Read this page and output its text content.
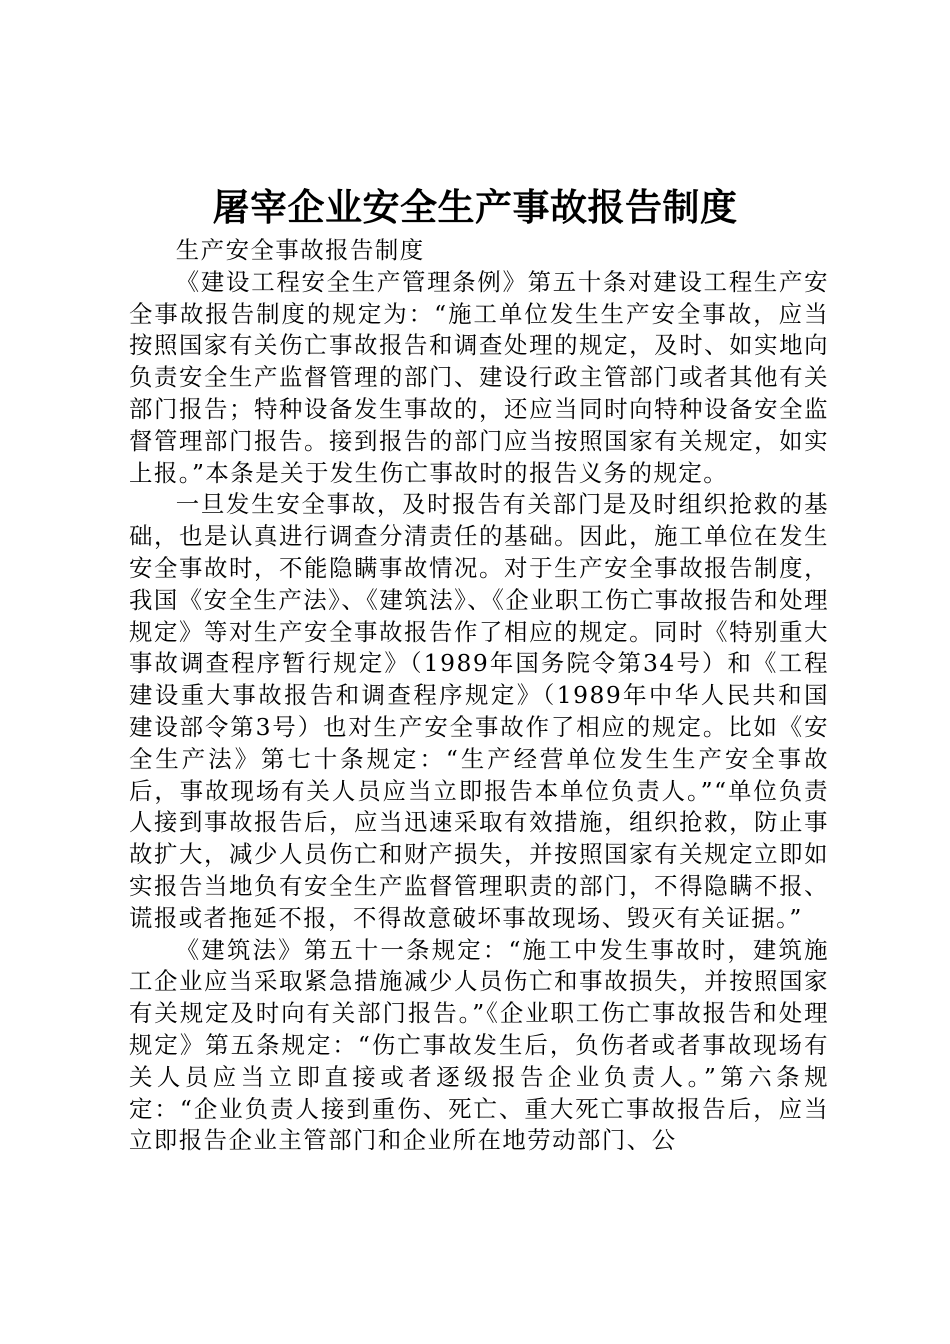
屠宰企业安全生产事故报告制度

生产安全事故报告制度

《建设工程安全生产管理条例》第五十条对建设工程生产安全事故报告制度的规定为：“施工单位发生生产安全事故，应当按照国家有关伤亡事故报告和调查处理的规定，及时、如实地向负责安全生产监督管理的部门、建设行政主管部门或者其他有关部门报告；特种设备发生事故的，还应当同时向特种设备安全监督管理部门报告。接到报告的部门应当按照国家有关规定，如实上报。”本条是关于发生伤亡事故时的报告义务的规定。

一旦发生安全事故，及时报告有关部门是及时组织抢救的基础，也是认真进行调查分清责任的基础。因此，施工单位在发生安全事故时，不能隐瞒事故情况。对于生产安全事故报告制度，我国《安全生产法》、《建筑法》、《企业职工伤亡事故报告和处理规定》等对生产安全事故报告作了相应的规定。同时《特别重大事故调查程序暂行规定》（1989年国务院令第34号）和《工程建设重大事故报告和调查程序规定》（1989年中华人民共和国建设部令第3号）也对生产安全事故作了相应的规定。比如《安全生产法》第七十条规定：“生产经营单位发生生产安全事故后，事故现场有关人员应当立即报告本单位负责人。”“单位负责人接到事故报告后，应当迅速采取有效措施，组织抢救，防止事故扩大，减少人员伤亡和财产损失，并按照国家有关规定立即如实报告当地负有安全生产监督管理职责的部门，不得隐瞒不报、谎报或者拖延不报，不得故意破坏事故现场、毁灭有关证据。”

《建筑法》第五十一条规定：“施工中发生事故时，建筑施工企业应当采取紧急措施减少人员伤亡和事故损失，并按照国家有关规定及时向有关部门报告。”《企业职工伤亡事故报告和处理规定》第五条规定：“伤亡事故发生后，负伤者或者事故现场有关人员应当立即直接或者逐级报告企业负责人。”第六条规定：“企业负责人接到重伤、死亡、重大死亡事故报告后，应当立即报告企业主管部门和企业所在地劳动部门、公
